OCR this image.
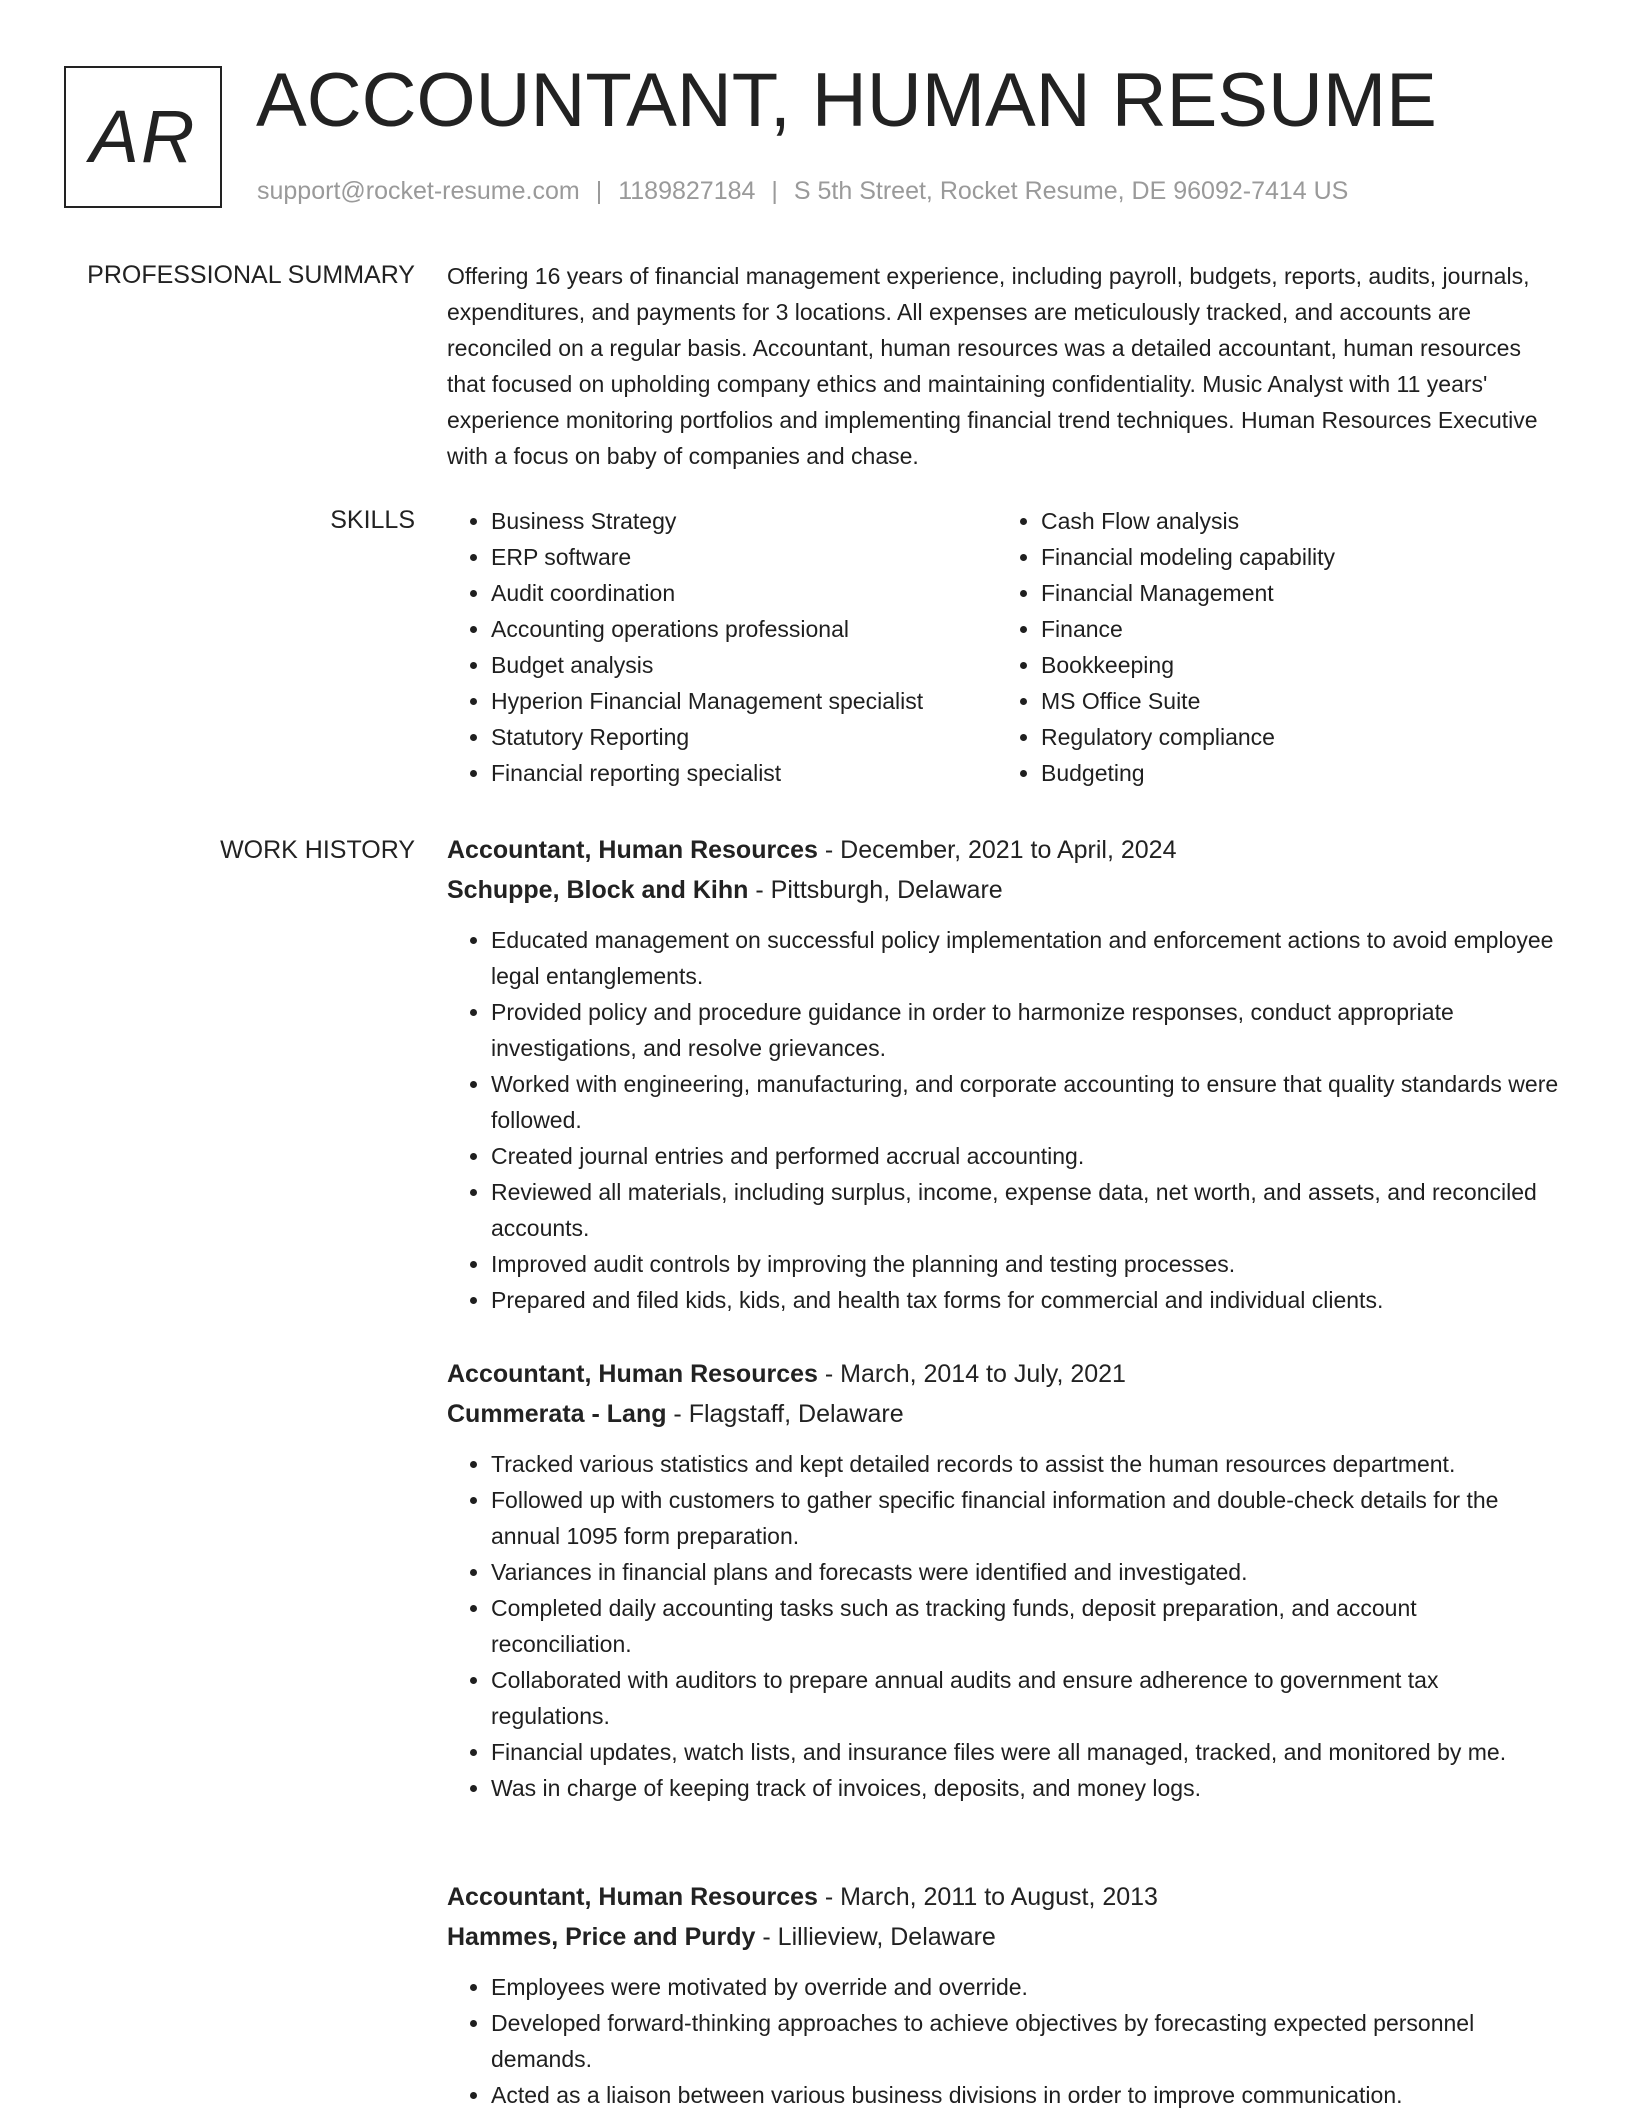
AR ACCOUNTANT, HUMAN RESUME
support@rocket-resume.com | 1189827184 | S 5th Street, Rocket Resume, DE 96092-7414 US
PROFESSIONAL SUMMARY Offering 16 years of financial management experience, including payroll, budgets, reports, audits, journals, expenditures, and payments for 3 locations. All expenses are meticulously tracked, and accounts are reconciled on a regular basis. Accountant, human resources was a detailed accountant, human resources that focused on upholding company ethics and maintaining confidentiality. Music Analyst with 11 years' experience monitoring portfolios and implementing financial trend techniques. Human Resources Executive with a focus on baby of companies and chase.

SKILLS
•	Business Strategy
• ERP software
• Audit coordination
• Accounting operations professional
• Budget analysis
• Hyperion Financial Management specialist
• Statutory Reporting
• Financial reporting specialist
• Cash Flow analysis
• Financial modeling capability
• Financial Management
• Finance
• Bookkeeping
• MS Office Suite
• Regulatory compliance
• Budgeting
WORK HISTORY Accountant, Human Resources - December, 2021 to April, 2024
Schuppe, Block and Kihn - Pittsburgh, Delaware
• Educated management on successful policy implementation and enforcement actions to avoid employee legal entanglements.
• Provided policy and procedure guidance in order to harmonize responses, conduct appropriate investigations, and resolve grievances.
• Worked with engineering, manufacturing, and corporate accounting to ensure that quality standards were followed.
• Created journal entries and performed accrual accounting.
• Reviewed all materials, including surplus, income, expense data, net worth, and assets, and reconciled accounts.
• Improved audit controls by improving the planning and testing processes.
• Prepared and filed kids, kids, and health tax forms for commercial and individual clients.
Accountant, Human Resources - March, 2014 to July, 2021
Cummerata - Lang - Flagstaff, Delaware
• Tracked various statistics and kept detailed records to assist the human resources department.
• Followed up with customers to gather specific financial information and double-check details for the annual 1095 form preparation.
• Variances in financial plans and forecasts were identified and investigated.
• Completed daily accounting tasks such as tracking funds, deposit preparation, and account reconciliation.
• Collaborated with auditors to prepare annual audits and ensure adherence to government tax regulations.
• Financial updates, watch lists, and insurance files were all managed, tracked, and monitored by me.
• Was in charge of keeping track of invoices, deposits, and money logs.
Accountant, Human Resources - March, 2011 to August, 2013
Hammes, Price and Purdy - Lillieview, Delaware
• Employees were motivated by override and override.
• Developed forward-thinking approaches to achieve objectives by forecasting expected personnel demands.
• Acted as a liaison between various business divisions in order to improve communication.
